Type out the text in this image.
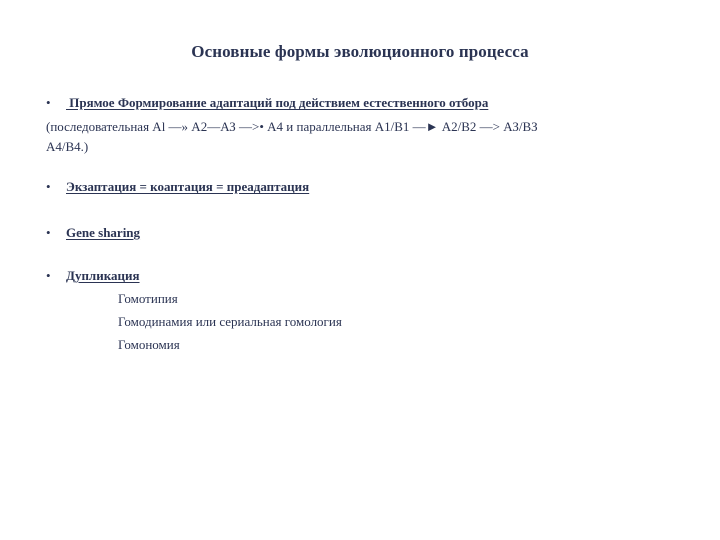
Основные формы эволюционного процесса
• Прямое Формирование адаптаций под действием естественного отбора
(последовательная Al —» А2—АЗ —>• А4 и параллельная А1/В1 —► А2/В2 —> АЗ/ВЗ
А4/В4.)
• Экзаптация = коаптация = преадаптация
• Gene sharing
• Дупликация
Гомотипия
Гомодинамия или сериальная гомология
Гомономия
